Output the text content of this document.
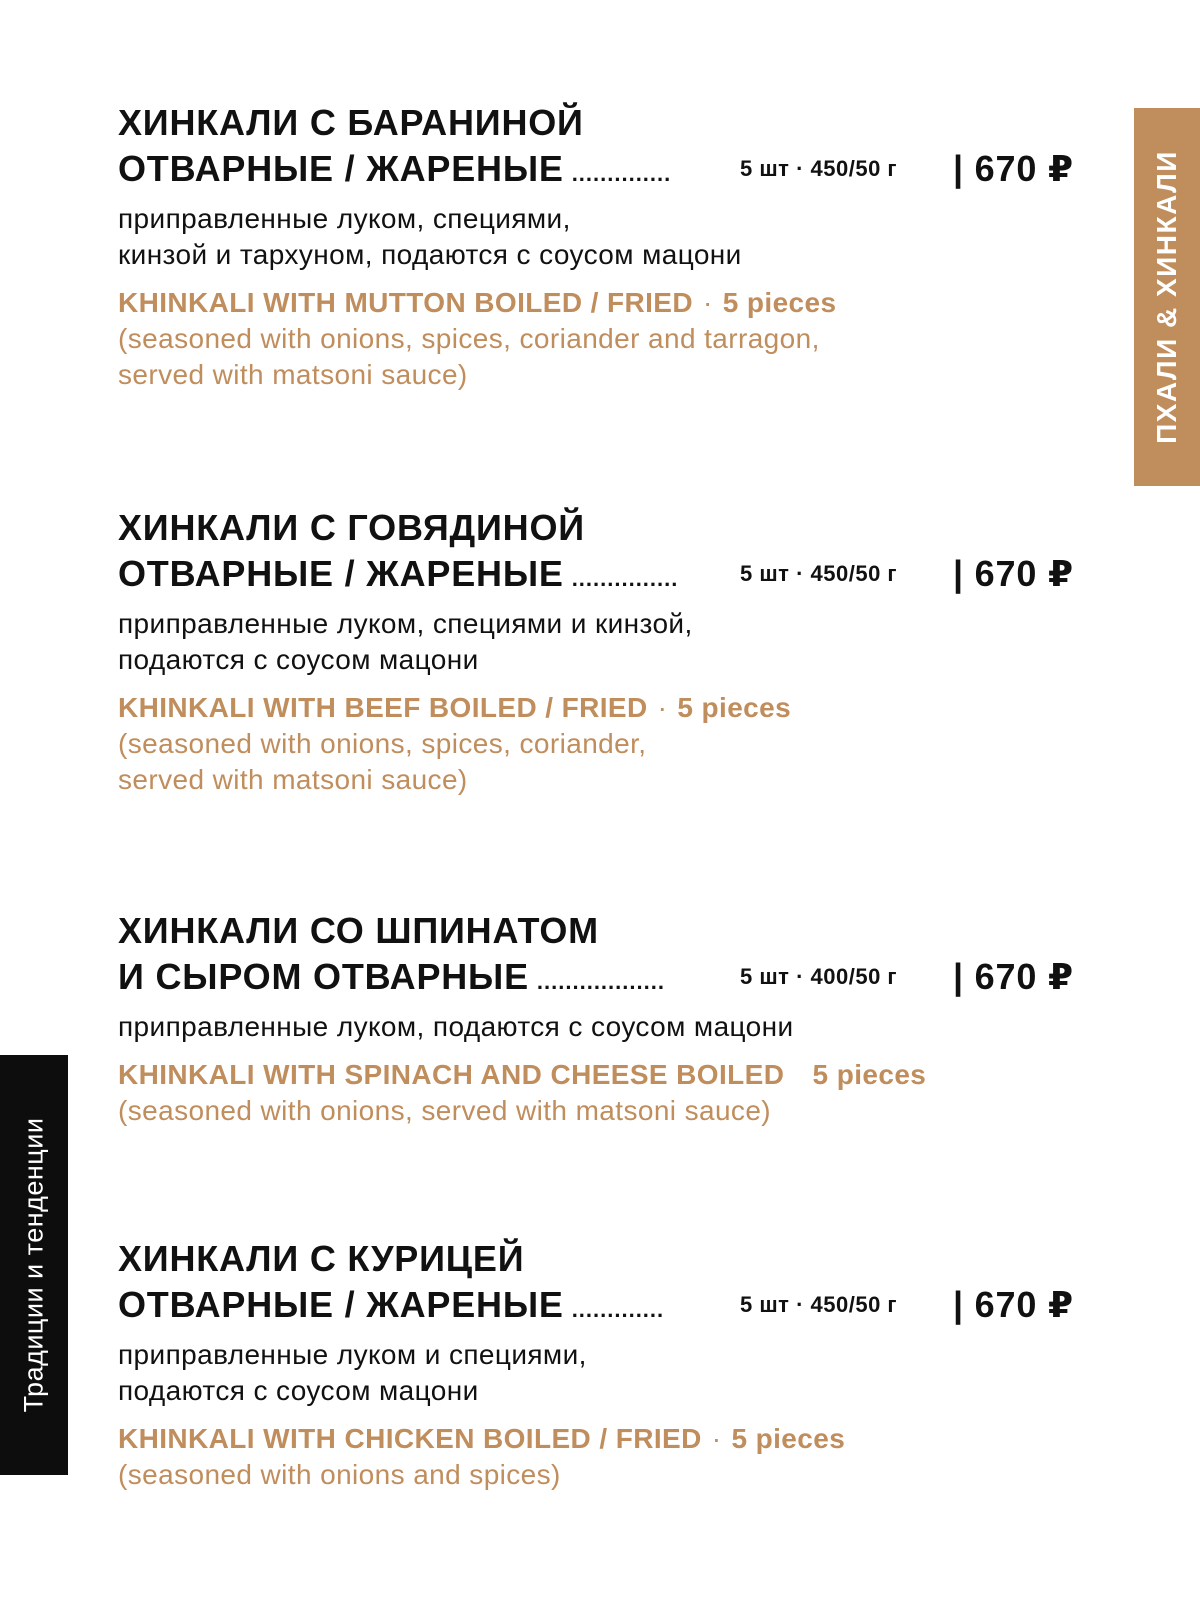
ПХАЛИ & ХИНКАЛИ
Традиции и тенденции
ХИНКАЛИ С БАРАНИНОЙ
ОТВАРНЫЕ / ЖАРЕНЫЕ ..............	5 шт · 450/50 г | 670 ₽
приправленные луком, специями,
кинзой и тархуном, подаются с соусом мацони
KHINKALI WITH MUTTON BOILED / FRIED · 5 pieces
(seasoned with onions, spices, coriander and tarragon,
served with matsoni sauce)
ХИНКАЛИ С ГОВЯДИНОЙ
ОТВАРНЫЕ / ЖАРЕНЫЕ ...............	5 шт · 450/50 г | 670 ₽
приправленные луком, специями и кинзой,
подаются с соусом мацони
KHINKALI WITH BEEF BOILED / FRIED · 5 pieces
(seasoned with onions, spices, coriander,
served with matsoni sauce)
ХИНКАЛИ СО ШПИНАТОМ
И СЫРОМ ОТВАРНЫЕ ..................	5 шт · 400/50 г | 670 ₽
приправленные луком, подаются с соусом мацони
KHINKALI WITH SPINACH AND CHEESE BOILED 5 pieces
(seasoned with onions, served with matsoni sauce)
ХИНКАЛИ С КУРИЦЕЙ
ОТВАРНЫЕ / ЖАРЕНЫЕ .............	5 шт · 450/50 г | 670 ₽
приправленные луком и специями,
подаются с соусом мацони
KHINKALI WITH CHICKEN BOILED / FRIED · 5 pieces
(seasoned with onions and spices)
